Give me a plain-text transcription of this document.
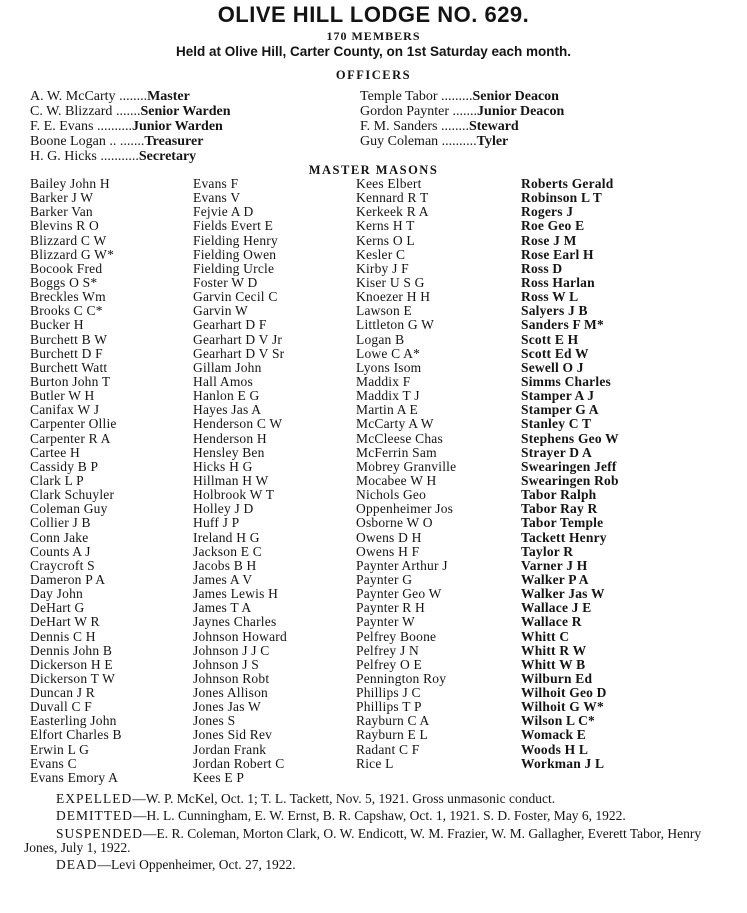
OLIVE HILL LODGE NO. 629.
170 MEMBERS
Held at Olive Hill, Carter County, on 1st Saturday each month.
OFFICERS
A. W. McCarty ........Master
C. W. Blizzard .......Senior Warden
F. E. Evans ..........Junior Warden
Boone Logan .. .......Treasurer
H. G. Hicks ...........Secretary
Temple Tabor .........Senior Deacon
Gordon Paynter .......Junior Deacon
F. M. Sanders ........Steward
Guy Coleman ..........Tyler
MASTER MASONS
Bailey John H
Barker J W
Barker Van
Blevins R O
Blizzard C W
Blizzard G W*
Bocook Fred
Boggs O S*
Breckles Wm
Brooks C C*
Bucker H
Burchett B W
Burchett D F
Burchett Watt
Burton John T
Butler W H
Canifax W J
Carpenter Ollie
Carpenter R A
Cartee H
Cassidy B P
Clark L P
Clark Schuyler
Coleman Guy
Collier J B
Conn Jake
Counts A J
Craycroft S
Dameron P A
Day John
DeHart G
DeHart W R
Dennis C H
Dennis John B
Dickerson H E
Dickerson T W
Duncan J R
Duvall C F
Easterling John
Elfort Charles B
Erwin L G
Evans C
Evans Emory A
Evans F
Evans V
Fejvie A D
Fields Evert E
Fielding Henry
Fielding Owen
Fielding Urcle
Foster W D
Garvin Cecil C
Garvin W
Gearhart D F
Gearhart D V Jr
Gearhart D V Sr
Gillam John
Hall Amos
Hanlon E G
Hayes Jas A
Henderson C W
Henderson H
Hensley Ben
Hicks H G
Hillman H W
Holbrook W T
Holley J D
Huff J P
Ireland H G
Jackson E C
Jacobs B H
James A V
James Lewis H
James T A
Jaynes Charles
Johnson Howard
Johnson J J C
Johnson J S
Johnson Robt
Jones Allison
Jones Jas W
Jones S
Jones Sid Rev
Jordan Frank
Jordan Robert C
Kees E P
Kees Elbert
Kennard R T
Kerkeek R A
Kerns H T
Kerns O L
Kesler C
Kirby J F
Kiser U S G
Knoezer H H
Lawson E
Littleton G W
Logan B
Lowe C A*
Lyons Isom
Maddix F
Maddix T J
Martin A E
McCarty A W
McCleese Chas
McFerrin Sam
Mobrey Granville
Mocabee W H
Nichols Geo
Oppenheimer Jos
Osborne W O
Owens D H
Owens H F
Paynter Arthur J
Paynter G
Paynter Geo W
Paynter R H
Paynter W
Pelfrey Boone
Pelfrey J N
Pelfrey O E
Pennington Roy
Phillips J C
Phillips T P
Rayburn C A
Rayburn E L
Radant C F
Rice L
Roberts Gerald
Robinson L T
Rogers J
Roe Geo E
Rose J M
Rose Earl H
Ross D
Ross Harlan
Ross W L
Salyers J B
Sanders F M*
Scott E H
Scott Ed W
Sewell O J
Simms Charles
Stamper A J
Stamper G A
Stanley C T
Stephens Geo W
Strayer D A
Swearingen Jeff
Swearingen Rob
Tabor Ralph
Tabor Ray R
Tabor Temple
Tackett Henry
Taylor R
Varner J H
Walker P A
Walker Jas W
Wallace J E
Wallace R
Whitt C
Whitt R W
Whitt W B
Wilburn Ed
Wilhoit Geo D
Wilhoit G W*
Wilson L C*
Womack E
Woods H L
Workman J L

EXPELLED—W. P. McKel, Oct. 1; T. L. Tackett, Nov. 5, 1921. Gross unmasonic conduct.

DEMITTED—H. L. Cunningham, E. W. Ernst, B. R. Capshaw, Oct. 1, 1921. S. D. Foster, May 6, 1922.

SUSPENDED—E. R. Coleman, Morton Clark, O. W. Endicott, W. M. Frazier, W. M. Gallagher, Everett Tabor, Henry Jones, July 1, 1922.

DEAD—Levi Oppenheimer, Oct. 27, 1922.
